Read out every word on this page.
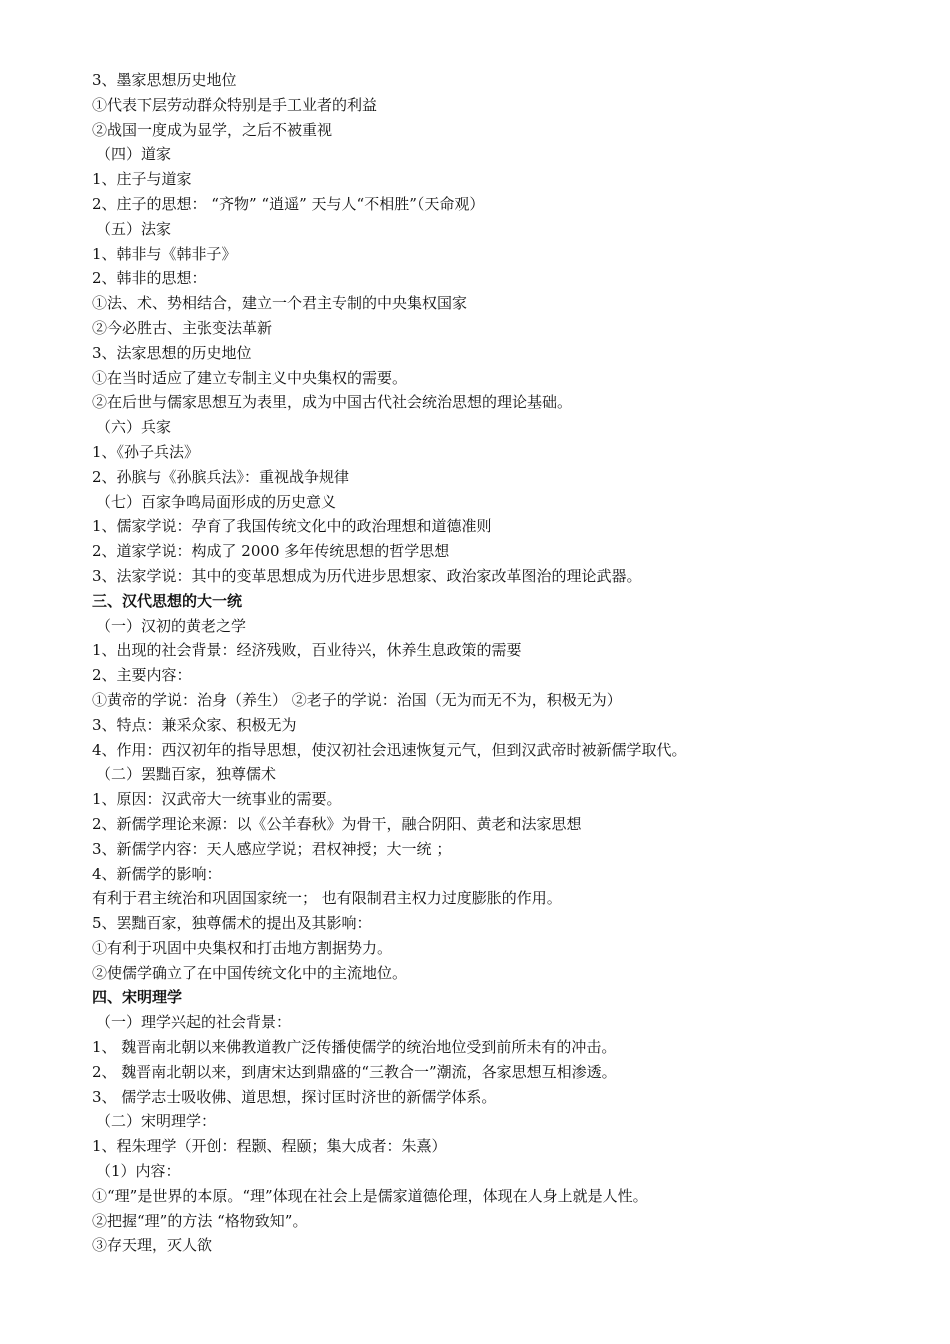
3、墨家思想历史地位
①代表下层劳动群众特别是手工业者的利益
②战国一度成为显学，之后不被重视
（四）道家
1、庄子与道家
2、庄子的思想： “齐物” “逍遥” 天与人“不相胜”（天命观）
（五）法家
1、韩非与《韩非子》
2、韩非的思想：
①法、术、势相结合，建立一个君主专制的中央集权国家
②今必胜古、主张变法革新
3、法家思想的历史地位
①在当时适应了建立专制主义中央集权的需要。
②在后世与儒家思想互为表里，成为中国古代社会统治思想的理论基础。
（六）兵家
1、《孙子兵法》
2、孙膑与《孙膑兵法》：重视战争规律
（七）百家争鸣局面形成的历史意义
1、儒家学说：孕育了我国传统文化中的政治理想和道德准则
2、道家学说：构成了 2000 多年传统思想的哲学思想
3、法家学说：其中的变革思想成为历代进步思想家、政治家改革图治的理论武器。
三、汉代思想的大一统
（一）汉初的黄老之学
1、出现的社会背景：经济残败，百业待兴，休养生息政策的需要
2、主要内容：
①黄帝的学说：治身（养生） ②老子的学说：治国（无为而无不为，积极无为）
3、特点：兼采众家、积极无为
4、作用：西汉初年的指导思想，使汉初社会迅速恢复元气，但到汉武帝时被新儒学取代。
（二）罢黜百家，独尊儒术
1、原因：汉武帝大一统事业的需要。
2、新儒学理论来源：以《公羊春秋》为骨干，融合阴阳、黄老和法家思想
3、新儒学内容：天人感应学说；君权神授；大一统 ；
4、新儒学的影响：
有利于君主统治和巩固国家统一； 也有限制君主权力过度膨胀的作用。
5、罢黜百家，独尊儒术的提出及其影响：
①有利于巩固中央集权和打击地方割据势力。
②使儒学确立了在中国传统文化中的主流地位。
四、宋明理学
（一）理学兴起的社会背景：
1、 魏晋南北朝以来佛教道教广泛传播使儒学的统治地位受到前所未有的冲击。
2、 魏晋南北朝以来，到唐宋达到鼎盛的“三教合一”潮流，各家思想互相渗透。
3、 儒学志士吸收佛、道思想，探讨匡时济世的新儒学体系。
（二）宋明理学：
1、程朱理学（开创：程颢、程颐；集大成者：朱熹）
（1）内容：
①“理”是世界的本原。“理”体现在社会上是儒家道德伦理，体现在人身上就是人性。
②把握“理”的方法 “格物致知”。
③存天理，灭人欲
